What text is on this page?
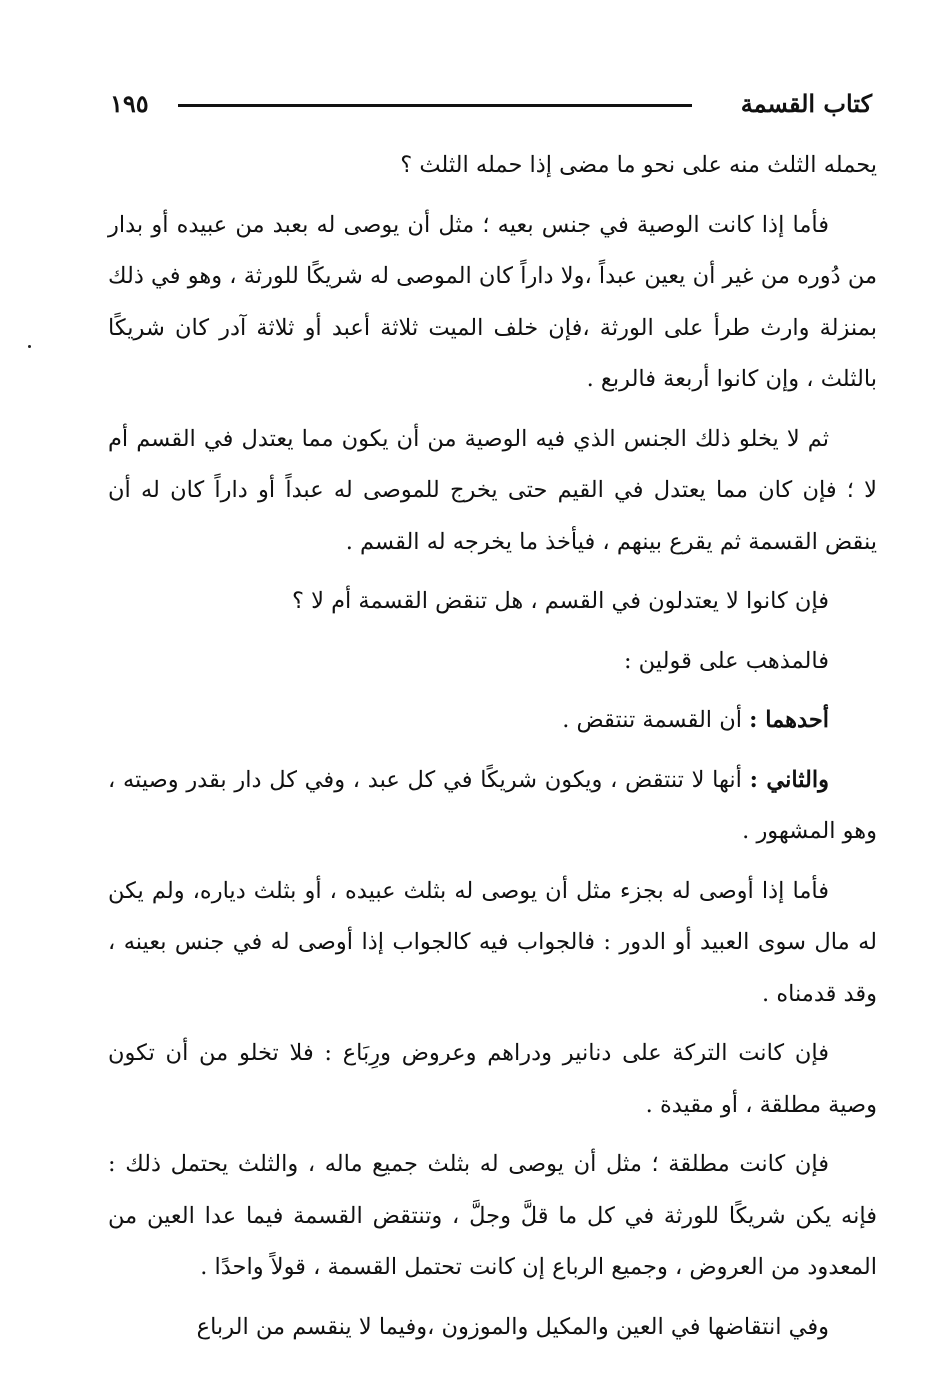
كتاب القسمة
١٩٥

يحمله الثلث منه على نحو ما مضى إذا حمله الثلث ؟

فأما إذا كانت الوصية في جنس بعيه ؛ مثل أن يوصى له بعبد من عبيده أو بدار من دُوره من غير أن يعين عبداً ،ولا داراً كان الموصى له شريكًا للورثة ، وهو في ذلك بمنزلة وارث طرأ على الورثة ،فإن خلف الميت ثلاثة أعبد أو ثلاثة آدر كان شريكًا بالثلث ، وإن كانوا أربعة فالربع .

ثم لا يخلو ذلك الجنس الذي فيه الوصية من أن يكون مما يعتدل في القسم أم لا ؛ فإن كان مما يعتدل في القيم حتى يخرج للموصى له عبداً أو داراً كان له أن ينقض القسمة ثم يقرع بينهم ، فيأخذ ما يخرجه له القسم .

فإن كانوا لا يعتدلون في القسم ، هل تنقض القسمة أم لا ؟

فالمذهب على قولين :

أحدهما : أن القسمة تنتقض .

والثاني : أنها لا تنتقض ، ويكون شريكًا في كل عبد ، وفي كل دار بقدر وصيته ، وهو المشهور .

فأما إذا أوصى له بجزء مثل أن يوصى له بثلث عبيده ، أو بثلث دياره، ولم يكن له مال سوى العبيد أو الدور : فالجواب فيه كالجواب إذا أوصى له في جنس بعينه ، وقد قدمناه .

فإن كانت التركة على دنانير ودراهم وعروض ورِبَاع : فلا تخلو من أن تكون وصية مطلقة ، أو مقيدة .

فإن كانت مطلقة ؛ مثل أن يوصى له بثلث جميع ماله ، والثلث يحتمل ذلك : فإنه يكن شريكًا للورثة في كل ما قلَّ وجلَّ ، وتنتقض القسمة فيما عدا العين من المعدود من العروض ، وجميع الرباع إن كانت تحتمل القسمة ، قولاً واحدًا .

وفي انتقاضها في العين والمكيل والموزون ،وفيما لا ينقسم من الرباع
